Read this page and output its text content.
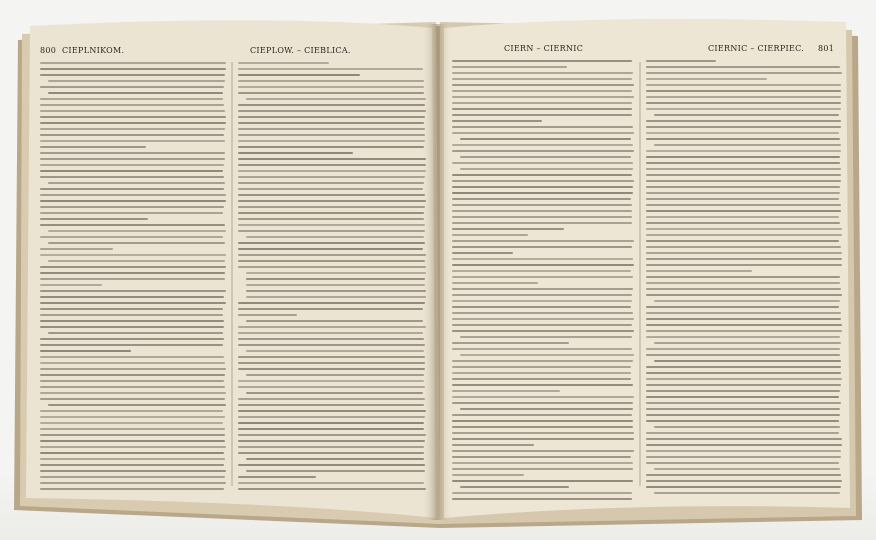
800 CIEPLNIKOM.	CIEPLOW. – CIEBLICA.	CIERN – CIERNIC	CIERNIC – CIERPIEC. 801
